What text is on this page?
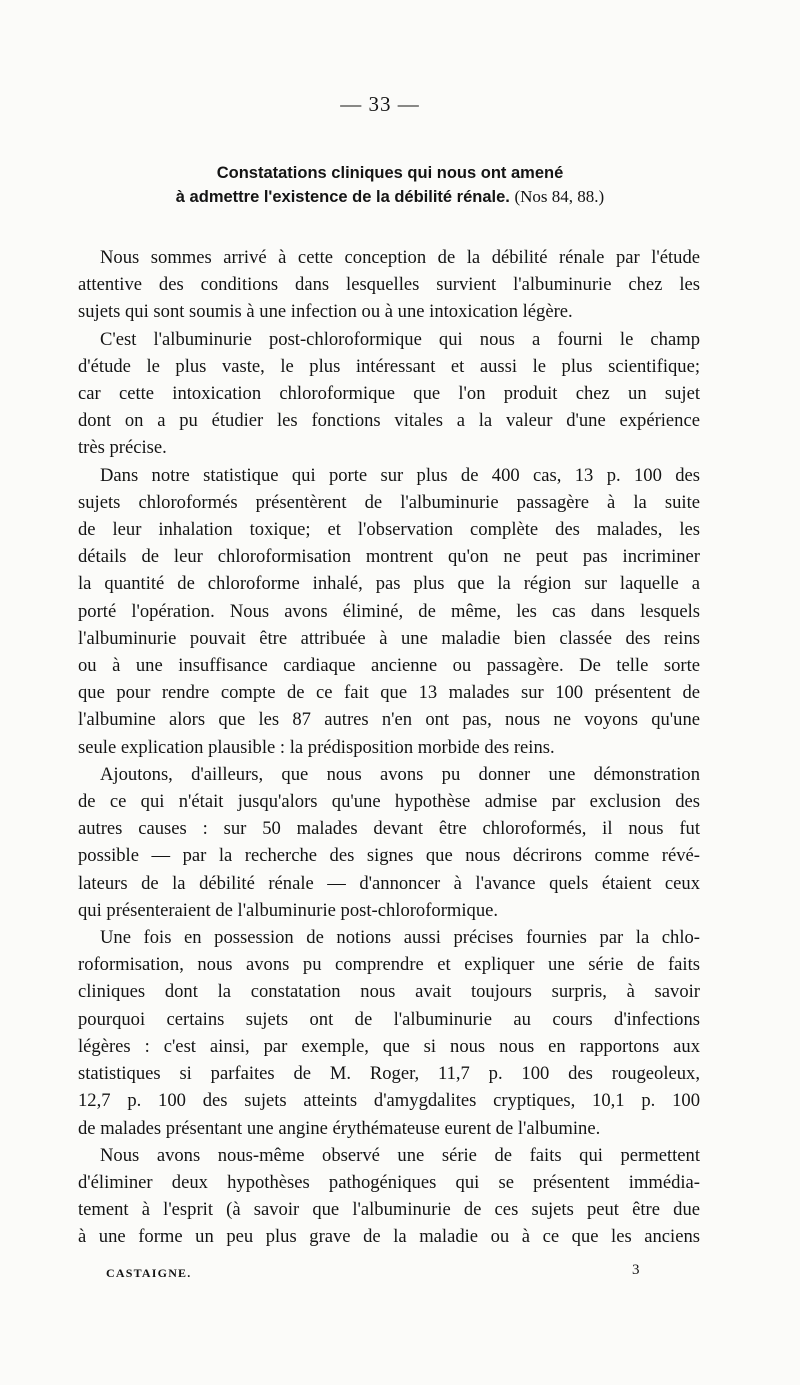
— 33 —
Constatations cliniques qui nous ont amené
à admettre l'existence de la débilité rénale. (Nos 84, 88.)
Nous sommes arrivé à cette conception de la débilité rénale par l'étude
attentive des conditions dans lesquelles survient l'albuminurie chez les
sujets qui sont soumis à une infection ou à une intoxication légère.
C'est l'albuminurie post-chloroformique qui nous a fourni le champ
d'étude le plus vaste, le plus intéressant et aussi le plus scientifique;
car cette intoxication chloroformique que l'on produit chez un sujet
dont on a pu étudier les fonctions vitales a la valeur d'une expérience
très précise.
Dans notre statistique qui porte sur plus de 400 cas, 13 p. 100 des
sujets chloroformés présentèrent de l'albuminurie passagère à la suite
de leur inhalation toxique; et l'observation complète des malades, les
détails de leur chloroformisation montrent qu'on ne peut pas incriminer
la quantité de chloroforme inhalé, pas plus que la région sur laquelle a
porté l'opération. Nous avons éliminé, de même, les cas dans lesquels
l'albuminurie pouvait être attribuée à une maladie bien classée des reins
ou à une insuffisance cardiaque ancienne ou passagère. De telle sorte
que pour rendre compte de ce fait que 13 malades sur 100 présentent de
l'albumine alors que les 87 autres n'en ont pas, nous ne voyons qu'une
seule explication plausible : la prédisposition morbide des reins.
Ajoutons, d'ailleurs, que nous avons pu donner une démonstration
de ce qui n'était jusqu'alors qu'une hypothèse admise par exclusion des
autres causes : sur 50 malades devant être chloroformés, il nous fut
possible — par la recherche des signes que nous décrirons comme révé-
lateurs de la débilité rénale — d'annoncer à l'avance quels étaient ceux
qui présenteraient de l'albuminurie post-chloroformique.
Une fois en possession de notions aussi précises fournies par la chlo-
roformisation, nous avons pu comprendre et expliquer une série de faits
cliniques dont la constatation nous avait toujours surpris, à savoir
pourquoi certains sujets ont de l'albuminurie au cours d'infections
légères : c'est ainsi, par exemple, que si nous nous en rapportons aux
statistiques si parfaites de M. Roger, 11,7 p. 100 des rougeoleux,
12,7 p. 100 des sujets atteints d'amygdalites cryptiques, 10,1 p. 100
de malades présentant une angine érythémateuse eurent de l'albumine.
Nous avons nous-même observé une série de faits qui permettent
d'éliminer deux hypothèses pathogéniques qui se présentent immédia-
tement à l'esprit (à savoir que l'albuminurie de ces sujets peut être due
à une forme un peu plus grave de la maladie ou à ce que les anciens
CASTAIGNE.	3
